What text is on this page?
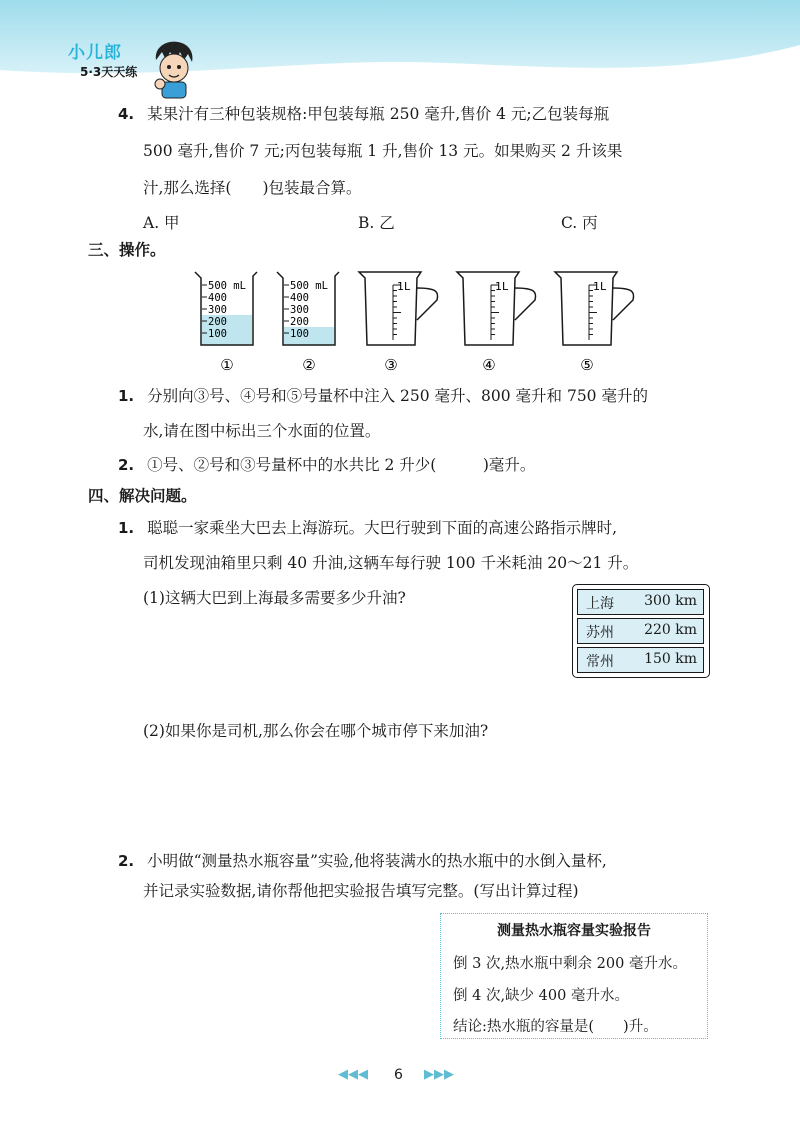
小儿郎
5·3天天练
4. 某果汁有三种包装规格:甲包装每瓶 250 毫升,售价 4 元;乙包装每瓶
500 毫升,售价 7 元;丙包装每瓶 1 升,售价 13 元。如果购买 2 升该果
汁,那么选择(　　)包装最合算。
A. 甲	B. 乙	C. 丙
三、操作。
500 mL
400
300
200
100
500 mL
400
300
200
100
1L	1L	1L
①	②	③	④	⑤
1. 分别向③号、④号和⑤号量杯中注入 250 毫升、800 毫升和 750 毫升的
水,请在图中标出三个水面的位置。
2. ①号、②号和③号量杯中的水共比 2 升少(　　　)毫升。
四、解决问题。
1. 聪聪一家乘坐大巴去上海游玩。大巴行驶到下面的高速公路指示牌时,
司机发现油箱里只剩 40 升油,这辆车每行驶 100 千米耗油 20～21 升。
(1)这辆大巴到上海最多需要多少升油?	上海 300 km
苏州 220 km
常州 150 km
(2)如果你是司机,那么你会在哪个城市停下来加油?
2. 小明做“测量热水瓶容量”实验,他将装满水的热水瓶中的水倒入量杯,
并记录实验数据,请你帮他把实验报告填写完整。(写出计算过程)
测量热水瓶容量实验报告
倒 3 次,热水瓶中剩余 200 毫升水。
倒 4 次,缺少 400 毫升水。
结论:热水瓶的容量是(　　)升。
◀◀◀ 6 ▶▶▶
